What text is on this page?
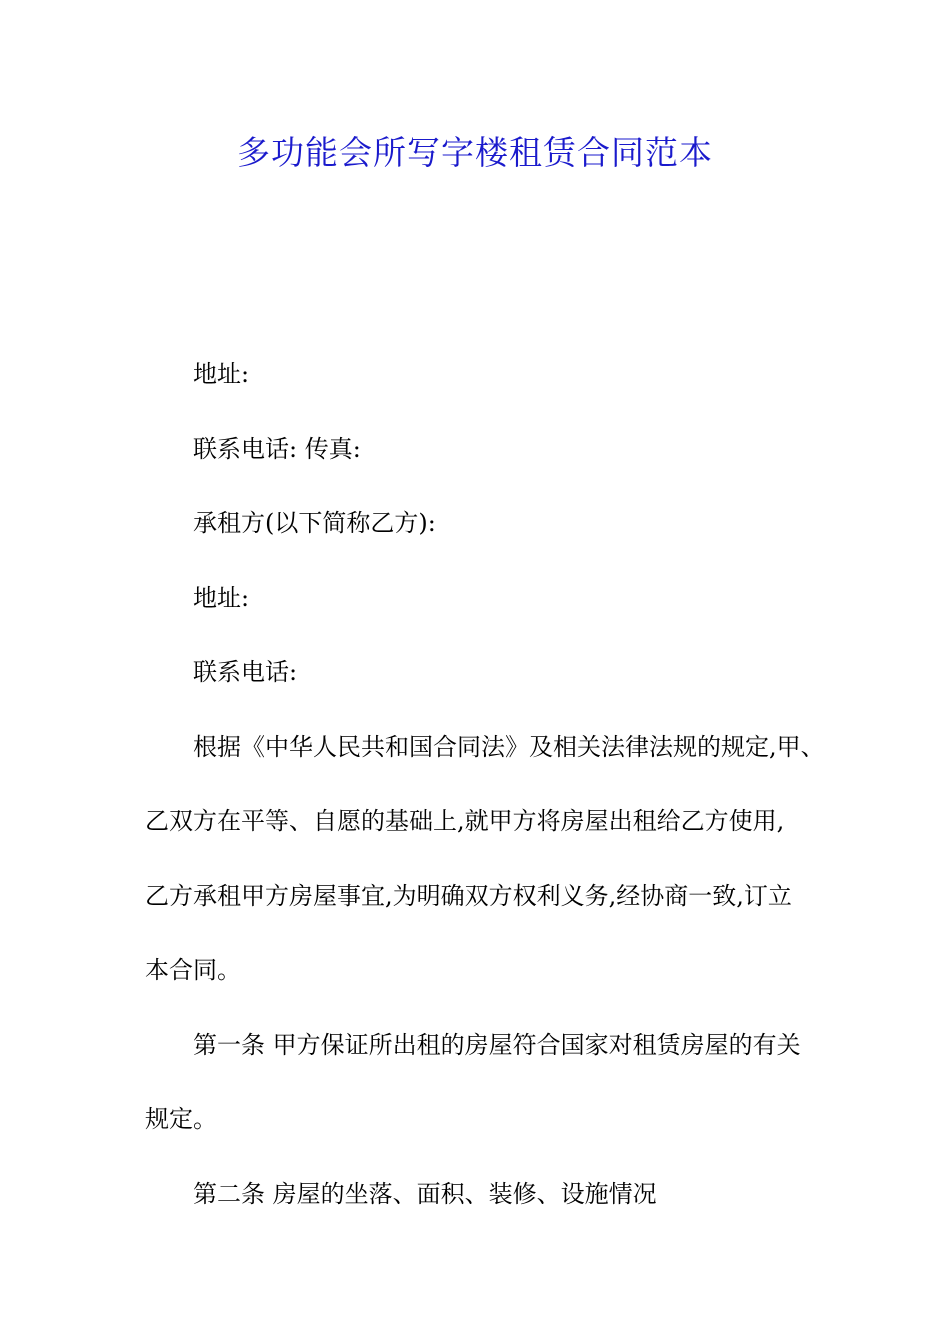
多功能会所写字楼租赁合同范本

地址:

联系电话: 传真:

承租方(以下简称乙方):

地址:

联系电话:

根据《中华人民共和国合同法》及相关法律法规的规定,甲、

乙双方在平等、自愿的基础上,就甲方将房屋出租给乙方使用,

乙方承租甲方房屋事宜,为明确双方权利义务,经协商一致,订立

本合同。

第一条 甲方保证所出租的房屋符合国家对租赁房屋的有关

规定。

第二条 房屋的坐落、面积、装修、设施情况
